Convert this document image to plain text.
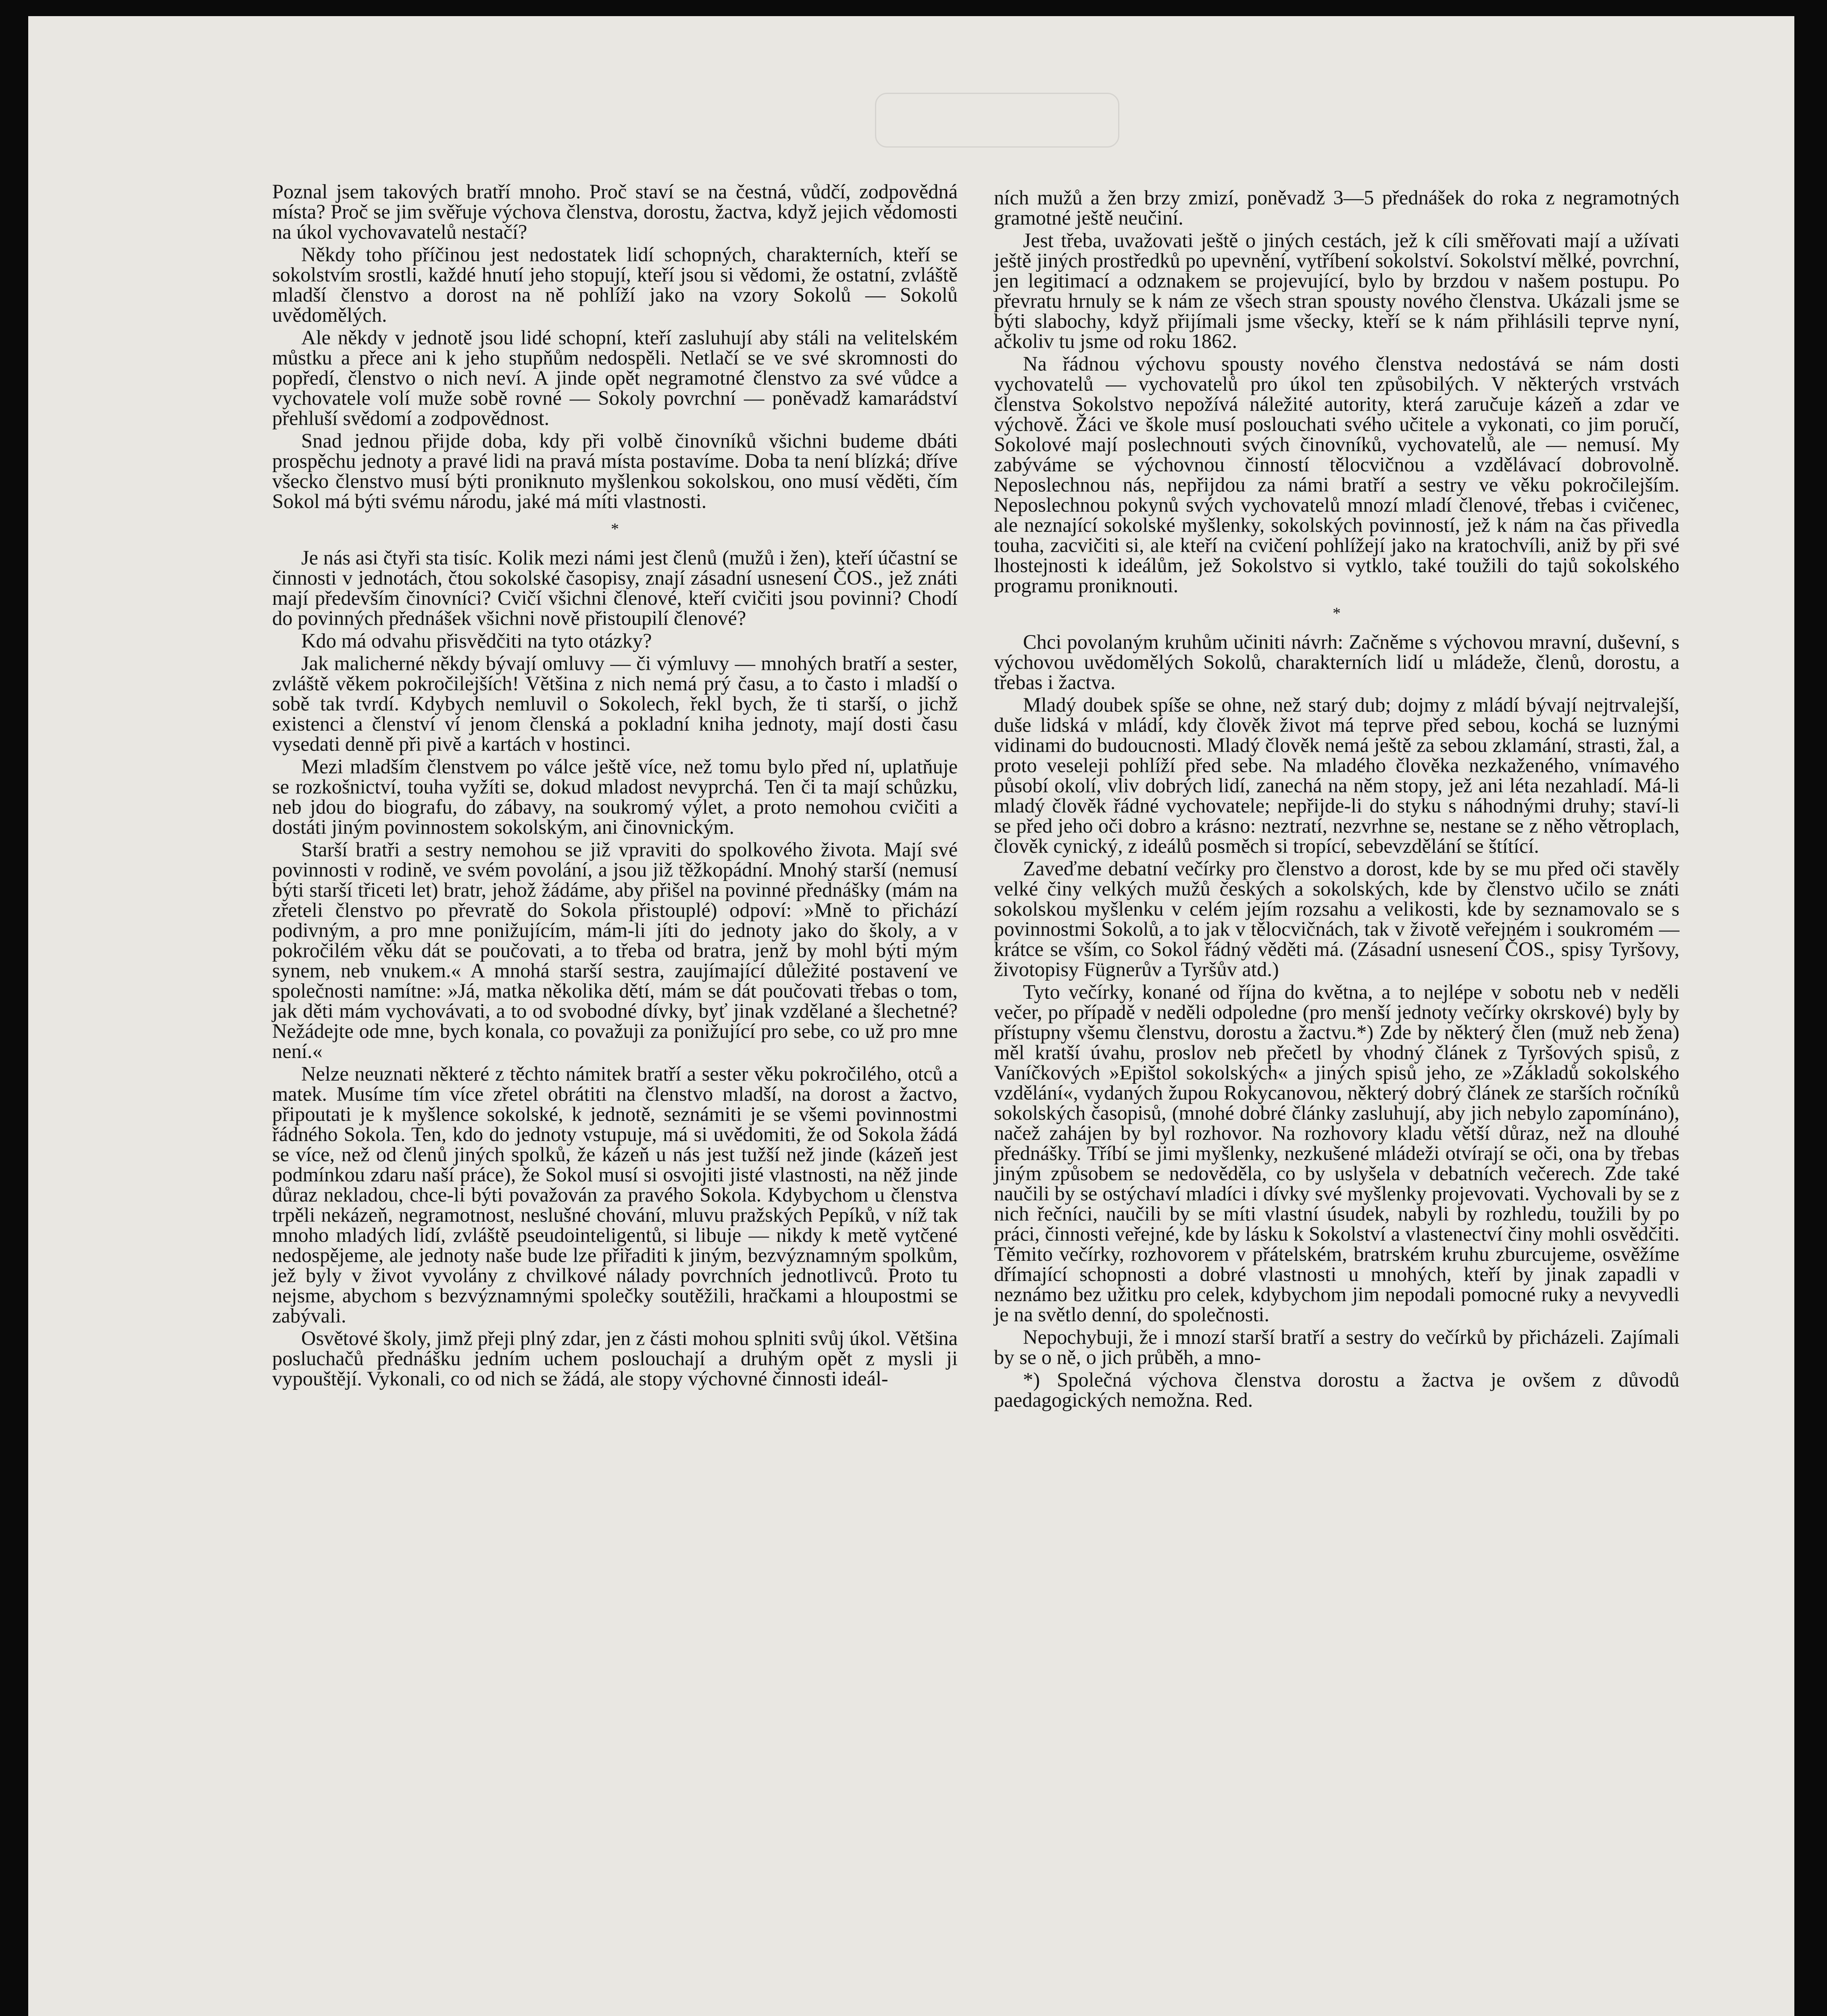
Poznal jsem takových bratří mnoho. Proč staví se na čestná, vůdčí, zodpovědná místa? Proč se jim svěřuje výchova členstva, dorostu, žactva, když jejich vědomosti na úkol vychovavatelů nestačí?

Někdy toho příčinou jest nedostatek lidí schopných, charakterních, kteří se sokolstvím srostli, každé hnutí jeho stopují, kteří jsou si vědomi, že ostatní, zvláště mladší členstvo a dorost na ně pohlíží jako na vzory Sokolů — Sokolů uvědomělých.

Ale někdy v jednotě jsou lidé schopní, kteří zasluhují aby stáli na velitelském můstku a přece ani k jeho stupňům nedospěli. Netlačí se ve své skromnosti do popředí, členstvo o nich neví. A jinde opět negramotné členstvo za své vůdce a vychovatele volí muže sobě rovné — Sokoly povrchní — poněvadž kamarádství přehluší svědomí a zodpovědnost.

Snad jednou přijde doba, kdy při volbě činovníků všichni budeme dbáti prospěchu jednoty a pravé lidi na pravá místa postavíme. Doba ta není blízká; dříve všecko členstvo musí býti proniknuto myšlenkou sokolskou, ono musí věděti, čím Sokol má býti svému národu, jaké má míti vlastnosti.

*

Je nás asi čtyři sta tisíc. Kolik mezi námi jest členů (mužů i žen), kteří účastní se činnosti v jednotách, čtou sokolské časopisy, znají zásadní usnesení ČOS., jež znáti mají především činovníci? Cvičí všichni členové, kteří cvičiti jsou povinni? Chodí do povinných přednášek všichni nově přistoupilí členové?

Kdo má odvahu přisvědčiti na tyto otázky?

Jak malicherné někdy bývají omluvy — či výmluvy — mnohých bratří a sester, zvláště věkem pokročilejších! Většina z nich nemá prý času, a to často i mladší o sobě tak tvrdí. Kdybych nemluvil o Sokolech, řekl bych, že ti starší, o jichž existenci a členství ví jenom členská a pokladní kniha jednoty, mají dosti času vysedati denně při pivě a kartách v hostinci.

Mezi mladším členstvem po válce ještě více, než tomu bylo před ní, uplatňuje se rozkošnictví, touha vyžíti se, dokud mladost nevyprchá. Ten či ta mají schůzku, neb jdou do biografu, do zábavy, na soukromý výlet, a proto nemohou cvičiti a dostáti jiným povinnostem sokolským, ani činovnickým.

Starší bratři a sestry nemohou se již vpraviti do spolkového života. Mají své povinnosti v rodině, ve svém povolání, a jsou již těžkopádní. Mnohý starší (nemusí býti starší třiceti let) bratr, jehož žádáme, aby přišel na povinné přednášky (mám na zřeteli členstvo po převratě do Sokola přistouplé) odpoví: »Mně to přichází podivným, a pro mne ponižujícím, mám-li jíti do jednoty jako do školy, a v pokročilém věku dát se poučovati, a to třeba od bratra, jenž by mohl býti mým synem, neb vnukem.« A mnohá starší sestra, zaujímající důležité postavení ve společnosti namítne: »Já, matka několika dětí, mám se dát poučovati třebas o tom, jak děti mám vychovávati, a to od svobodné dívky, byť jinak vzdělané a šlechetné? Nežádejte ode mne, bych konala, co považuji za ponižující pro sebe, co už pro mne není.«

Nelze neuznati některé z těchto námitek bratří a sester věku pokročilého, otců a matek. Musíme tím více zřetel obrátiti na členstvo mladší, na dorost a žactvo, připoutati je k myšlence sokolské, k jednotě, seznámiti je se všemi povinnostmi řádného Sokola. Ten, kdo do jednoty vstupuje, má si uvědomiti, že od Sokola žádá se více, než od členů jiných spolků, že kázeň u nás jest tužší než jinde (kázeň jest podmínkou zdaru naší práce), že Sokol musí si osvojiti jisté vlastnosti, na něž jinde důraz nekladou, chce-li býti považován za pravého Sokola. Kdybychom u členstva trpěli nekázeň, negramotnost, neslušné chování, mluvu pražských Pepíků, v níž tak mnoho mladých lidí, zvláště pseudointeligentů, si libuje — nikdy k metě vytčené nedospějeme, ale jednoty naše bude lze přiřaditi k jiným, bezvýznamným spolkům, jež byly v život vyvolány z chvilkové nálady povrchních jednotlivců. Proto tu nejsme, abychom s bezvýznamnými společky soutěžili, hračkami a hloupostmi se zabývali.

Osvětové školy, jimž přeji plný zdar, jen z části mohou splniti svůj úkol. Většina posluchačů přednášku jedním uchem poslouchají a druhým opět z mysli ji vypouštějí. Vykonali, co od nich se žádá, ale stopy výchovné činnosti ideál-

ních mužů a žen brzy zmizí, poněvadž 3—5 přednášek do roka z negramotných gramotné ještě neučiní.

Jest třeba, uvažovati ještě o jiných cestách, jež k cíli směřovati mají a užívati ještě jiných prostředků po upevnění, vytříbení sokolství. Sokolství mělké, povrchní, jen legitimací a odznakem se projevující, bylo by brzdou v našem postupu. Po převratu hrnuly se k nám ze všech stran spousty nového členstva. Ukázali jsme se býti slabochy, když přijímali jsme všecky, kteří se k nám přihlásili teprve nyní, ačkoliv tu jsme od roku 1862.

Na řádnou výchovu spousty nového členstva nedostává se nám dosti vychovatelů — vychovatelů pro úkol ten způsobilých. V některých vrstvách členstva Sokolstvo nepožívá náležité autority, která zaručuje kázeň a zdar ve výchově. Žáci ve škole musí poslouchati svého učitele a vykonati, co jim poručí, Sokolové mají poslechnouti svých činovníků, vychovatelů, ale — nemusí. My zabýváme se výchovnou činností tělocvičnou a vzdělávací dobrovolně. Neposlechnou nás, nepřijdou za námi bratří a sestry ve věku pokročilejším. Neposlechnou pokynů svých vychovatelů mnozí mladí členové, třebas i cvičenec, ale neznající sokolské myšlenky, sokolských povinností, jež k nám na čas přivedla touha, zacvičiti si, ale kteří na cvičení pohlížejí jako na kratochvíli, aniž by při své lhostejnosti k ideálům, jež Sokolstvo si vytklo, také toužili do tajů sokolského programu proniknouti.

*

Chci povolaným kruhům učiniti návrh: Začněme s výchovou mravní, duševní, s výchovou uvědomělých Sokolů, charakterních lidí u mládeže, členů, dorostu, a třebas i žactva.

Mladý doubek spíše se ohne, než starý dub; dojmy z mládí bývají nejtrvalejší, duše lidská v mládí, kdy člověk život má teprve před sebou, kochá se luznými vidinami do budoucnosti. Mladý člověk nemá ještě za sebou zklamání, strasti, žal, a proto veseleji pohlíží před sebe. Na mladého člověka nezkaženého, vnímavého působí okolí, vliv dobrých lidí, zanechá na něm stopy, jež ani léta nezahladí. Má-li mladý člověk řádné vychovatele; nepřijde-li do styku s náhodnými druhy; staví-li se před jeho oči dobro a krásno: neztratí, nezvrhne se, nestane se z něho větroplach, člověk cynický, z ideálů posměch si tropící, sebevzdělání se štítící.

Zaveďme debatní večírky pro členstvo a dorost, kde by se mu před oči stavěly velké činy velkých mužů českých a sokolských, kde by členstvo učilo se znáti sokolskou myšlenku v celém jejím rozsahu a velikosti, kde by seznamovalo se s povinnostmi Sokolů, a to jak v tělocvičnách, tak v životě veřejném i soukromém — krátce se vším, co Sokol řádný věděti má. (Zásadní usnesení ČOS., spisy Tyršovy, životopisy Fügnerův a Tyršův atd.)

Tyto večírky, konané od října do května, a to nejlépe v sobotu neb v neděli večer, po případě v neděli odpoledne (pro menší jednoty večírky okrskové) byly by přístupny všemu členstvu, dorostu a žactvu.*) Zde by některý člen (muž neb žena) měl kratší úvahu, proslov neb přečetl by vhodný článek z Tyršových spisů, z Vaníčkových »Epištol sokolských« a jiných spisů jeho, ze »Základů sokolského vzdělání«, vydaných župou Rokycanovou, některý dobrý článek ze starších ročníků sokolských časopisů, (mnohé dobré články zasluhují, aby jich nebylo zapomínáno), načež zahájen by byl rozhovor. Na rozhovory kladu větší důraz, než na dlouhé přednášky. Tříbí se jimi myšlenky, nezkušené mládeži otvírají se oči, ona by třebas jiným způsobem se nedověděla, co by uslyšela v debatních večerech. Zde také naučili by se ostýchaví mladíci i dívky své myšlenky projevovati. Vychovali by se z nich řečníci, naučili by se míti vlastní úsudek, nabyli by rozhledu, toužili by po práci, činnosti veřejné, kde by lásku k Sokolství a vlastenectví činy mohli osvědčiti. Těmito večírky, rozhovorem v přátelském, bratrském kruhu zburcujeme, osvěžíme dřímající schopnosti a dobré vlastnosti u mnohých, kteří by jinak zapadli v neznámo bez užitku pro celek, kdybychom jim nepodali pomocné ruky a nevyvedli je na světlo denní, do společnosti.

Nepochybuji, že i mnozí starší bratří a sestry do večírků by přicházeli. Zajímali by se o ně, o jich průběh, a mno-

*) Společná výchova členstva dorostu a žactva je ovšem z důvodů paedagogických nemožna. Red.
